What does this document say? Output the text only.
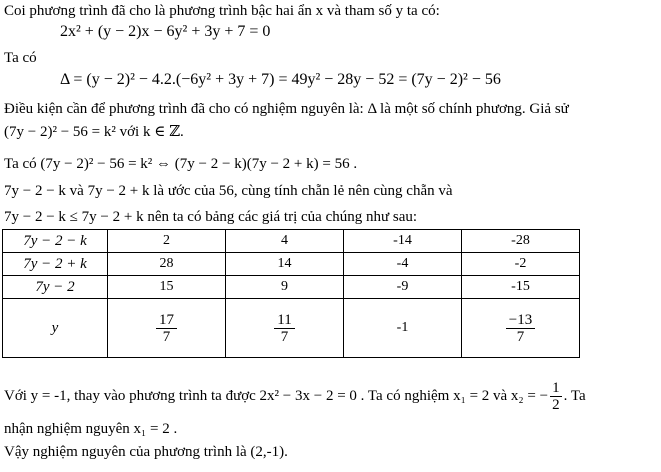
Coi phương trình đã cho là phương trình bậc hai ẩn x và tham số y ta có:
2x² + (y − 2)x − 6y² + 3y + 7 = 0
Ta có
Δ = (y − 2)² − 4.2.(−6y² + 3y + 7) = 49y² − 28y − 52 = (7y − 2)² − 56
Điều kiện cần để phương trình đã cho có nghiệm nguyên là: Δ là một số chính phương. Giả sử
(7y − 2)² − 56 = k² với k ∈ ℤ.
Ta có (7y − 2)² − 56 = k² ⇔ (7y − 2 − k)(7y − 2 + k) = 56 .
7y − 2 − k và 7y − 2 + k là ước của 56, cùng tính chẵn lẻ nên cùng chẵn và
7y − 2 − k ≤ 7y − 2 + k nên ta có bảng các giá trị của chúng như sau:
7y − 2 − k	2	4	-14	-28
7y − 2 + k	28	14	-4	-2
7y − 2	15	9	-9	-15
y	$\frac{17}{7}$	$\frac{11}{7}$	-1	$\frac{-13}{7}$
Với y = -1, thay vào phương trình ta được 2x² − 3x − 2 = 0 . Ta có nghiệm x₁ = 2 và x₂ = − $\frac{1}{2}$ . Ta
nhận nghiệm nguyên x₁ = 2 .
Vậy nghiệm nguyên của phương trình là (2,-1).
